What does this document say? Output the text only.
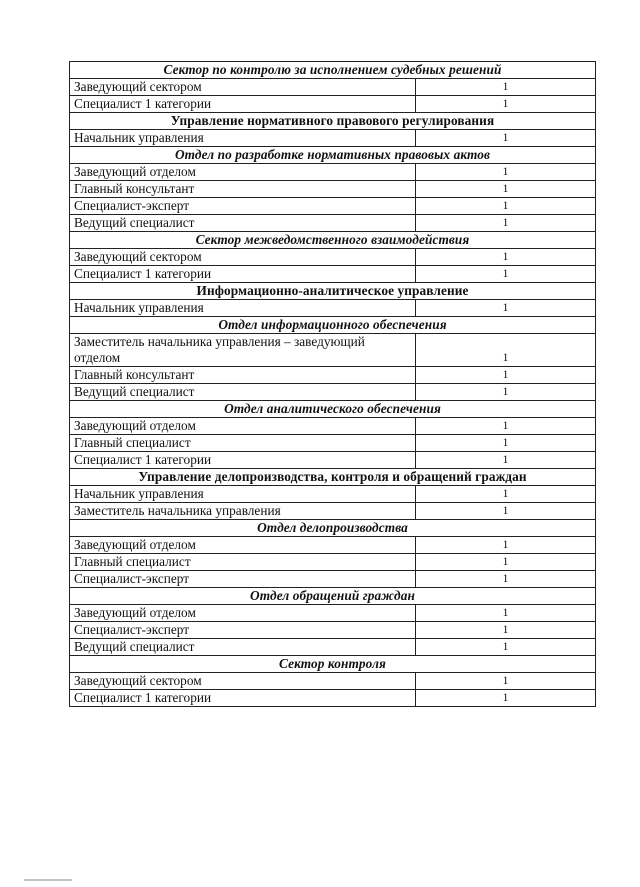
Сектор по контролю за исполнением судебных решений	
Заведующий сектором	1
Специалист 1 категории	1
Управление нормативного правового регулирования	
Начальник управления	1
Отдел по разработке нормативных правовых актов	
Заведующий отделом	1
Главный консультант	1
Специалист-эксперт	1
Ведущий специалист	1
Сектор межведомственного взаимодействия	
Заведующий сектором	1
Специалист 1 категории	1
Информационно-аналитическое управление	
Начальник управления	1
Отдел информационного обеспечения	
Заместитель начальника управления – заведующий отделом	1
Главный консультант	1
Ведущий специалист	1
Отдел аналитического обеспечения	
Заведующий отделом	1
Главный специалист	1
Специалист 1 категории	1
Управление делопроизводства, контроля и обращений граждан	
Начальник управления	1
Заместитель начальника управления	1
Отдел делопроизводства	
Заведующий отделом	1
Главный специалист	1
Специалист-эксперт	1
Отдел обращений граждан	
Заведующий отделом	1
Специалист-эксперт	1
Ведущий специалист	1
Сектор контроля	
Заведующий сектором	1
Специалист 1 категории	1
